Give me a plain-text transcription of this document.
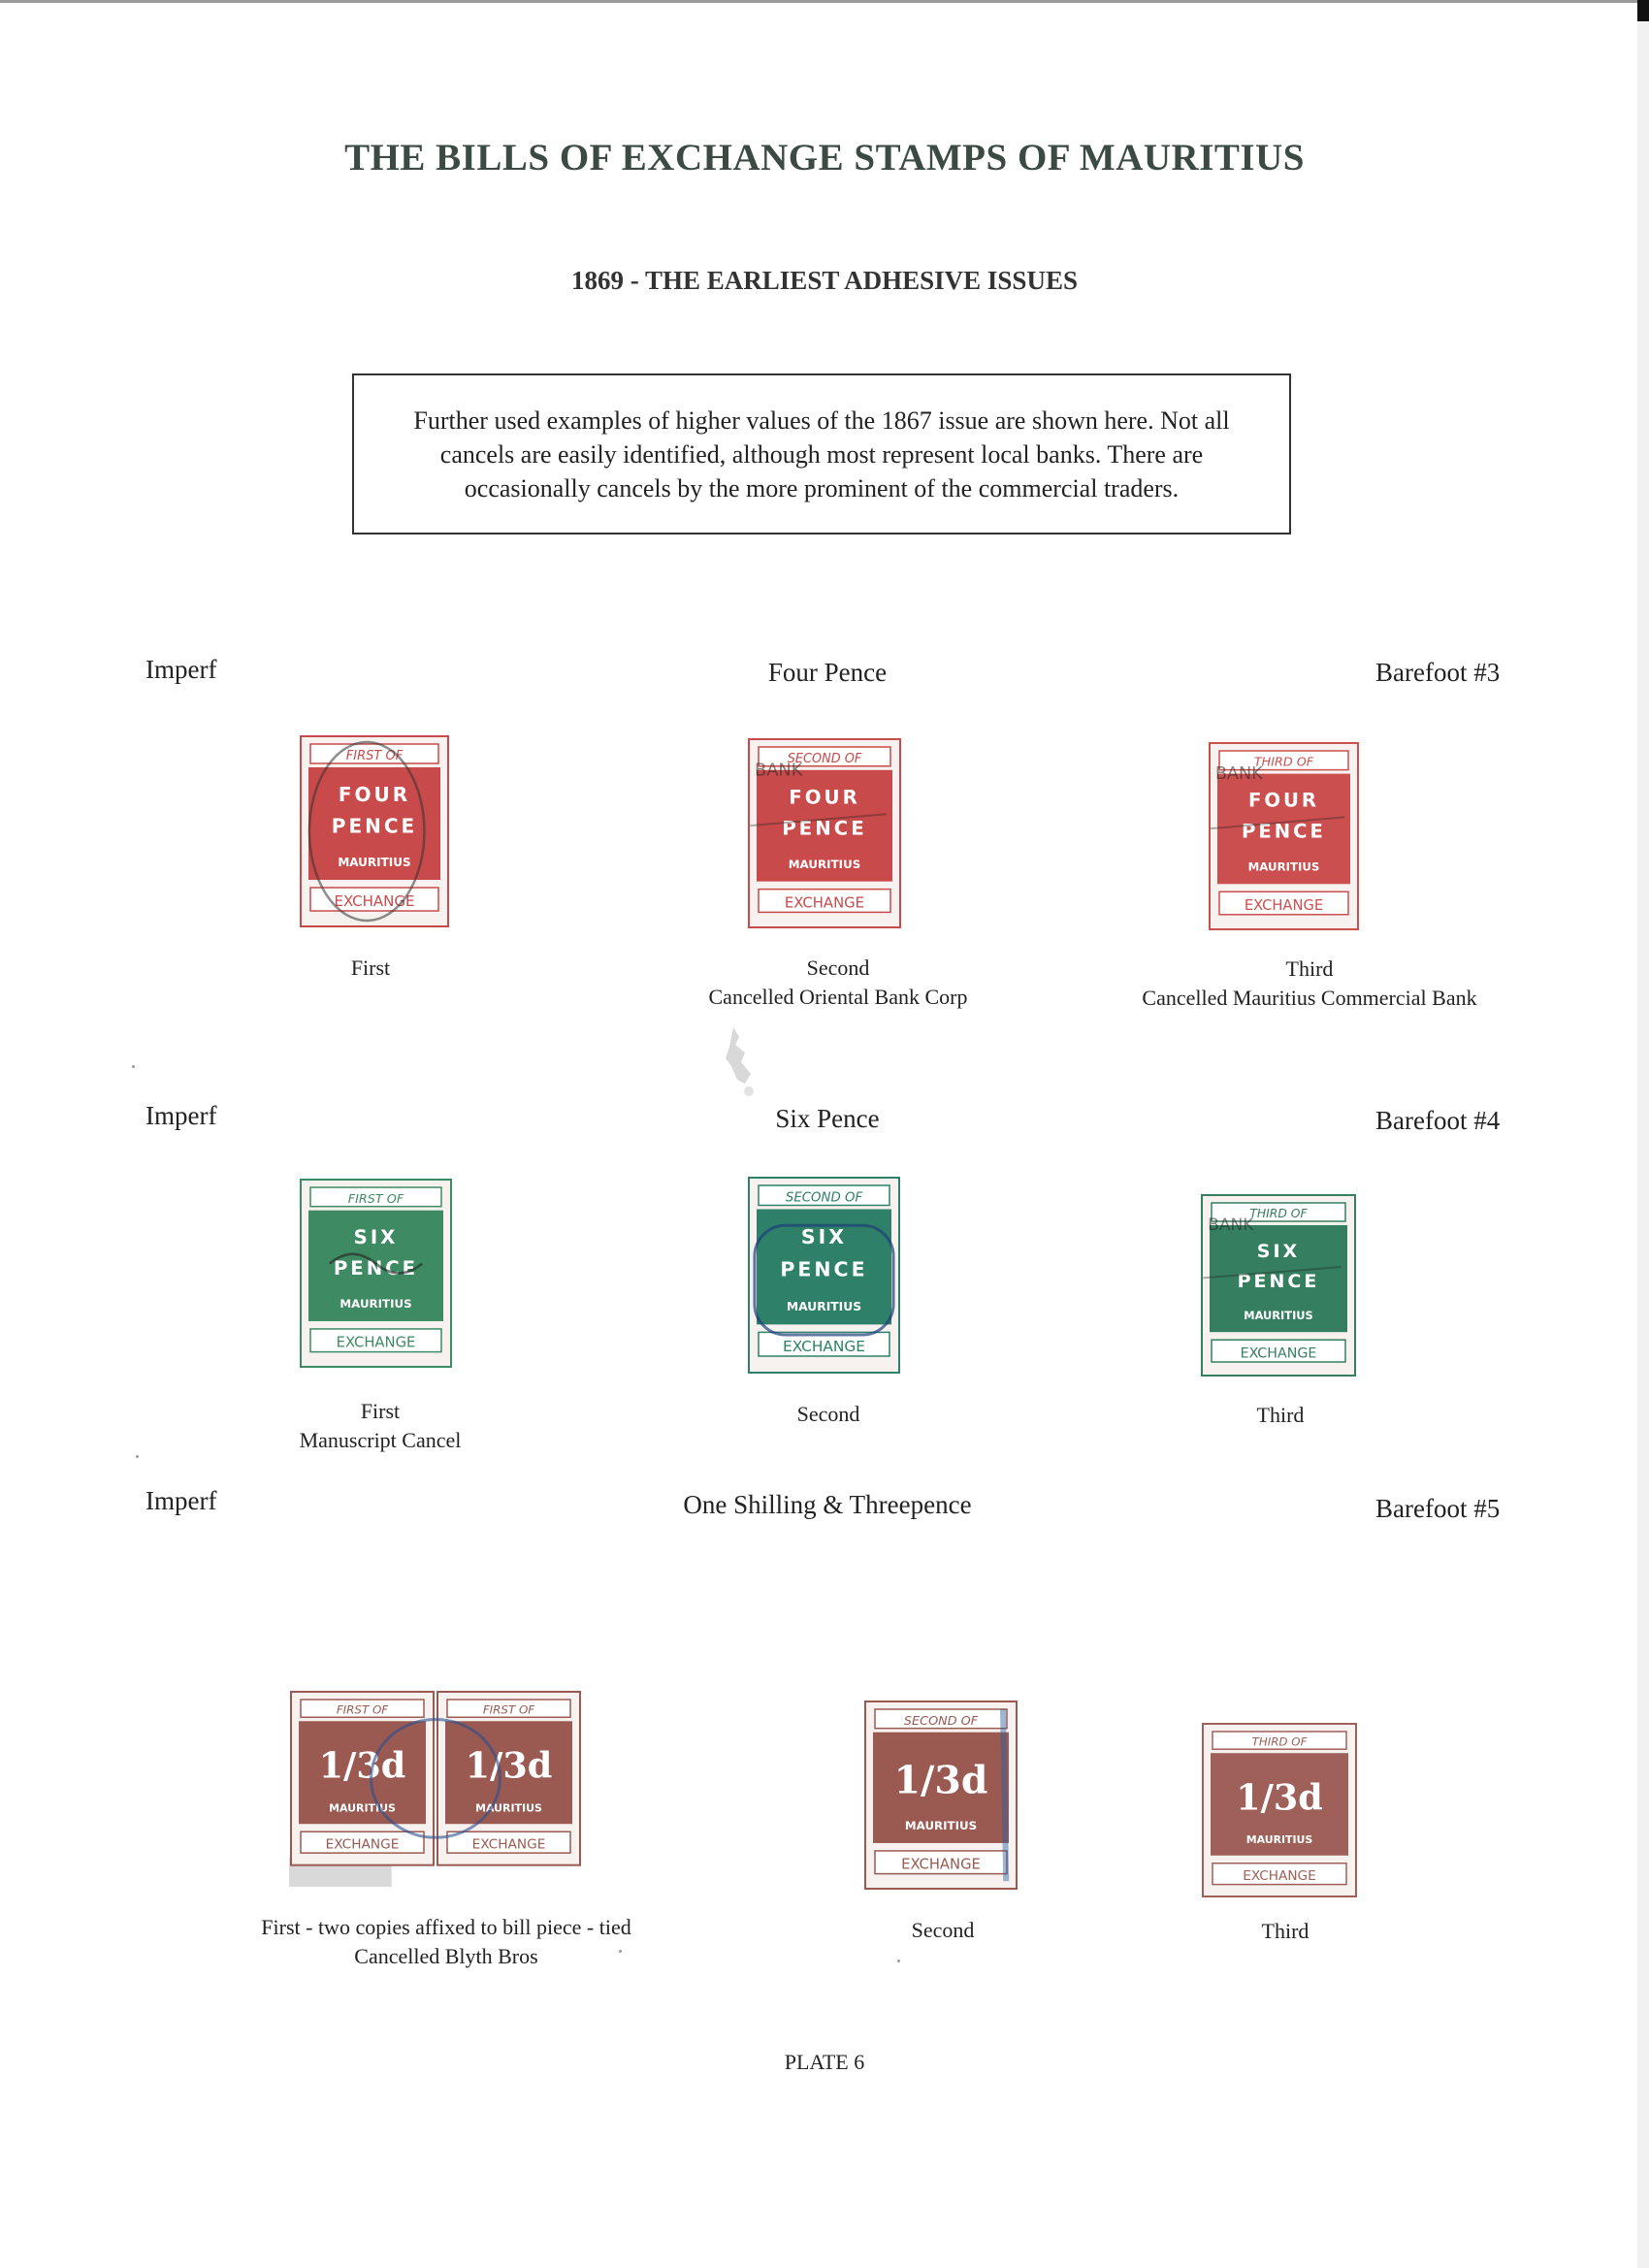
THE BILLS OF EXCHANGE STAMPS OF MAURITIUS
1869 - THE EARLIEST ADHESIVE ISSUES
Further used examples of higher values of the 1867 issue are shown here. Not all cancels are easily identified, although most represent local banks. There are occasionally cancels by the more prominent of the commercial traders.
Imperf	Four Pence	Barefoot #3
Imperf	Six Pence	Barefoot #4
Imperf	One Shilling & Threepence	Barefoot #5
FIRST OF
FOUR
PENCE
MAURITIUS
EXCHANGE
SECOND OF
FOUR
PENCE
MAURITIUS
EXCHANGE
BANK	THIRD OF
FOUR
PENCE
MAURITIUS
EXCHANGE
BANK
FIRST OF
SIX
PENCE
MAURITIUS
EXCHANGE
SECOND OF
SIX
PENCE
MAURITIUS
EXCHANGE
THIRD OF
SIX
PENCE
MAURITIUS
EXCHANGE
BANK
FIRST OF
1/3d
MAURITIUS
EXCHANGE
FIRST OF
1/3d
MAURITIUS
EXCHANGE
SECOND OF
1/3d
MAURITIUS
EXCHANGE
THIRD OF
1/3d
MAURITIUS
EXCHANGE
First	Second
Cancelled Oriental Bank Corp
Third
Cancelled Mauritius Commercial Bank
First
Manuscript Cancel
Second	Third
First - two copies affixed to bill piece - tied
Cancelled Blyth Bros
Second	Third
PLATE 6
